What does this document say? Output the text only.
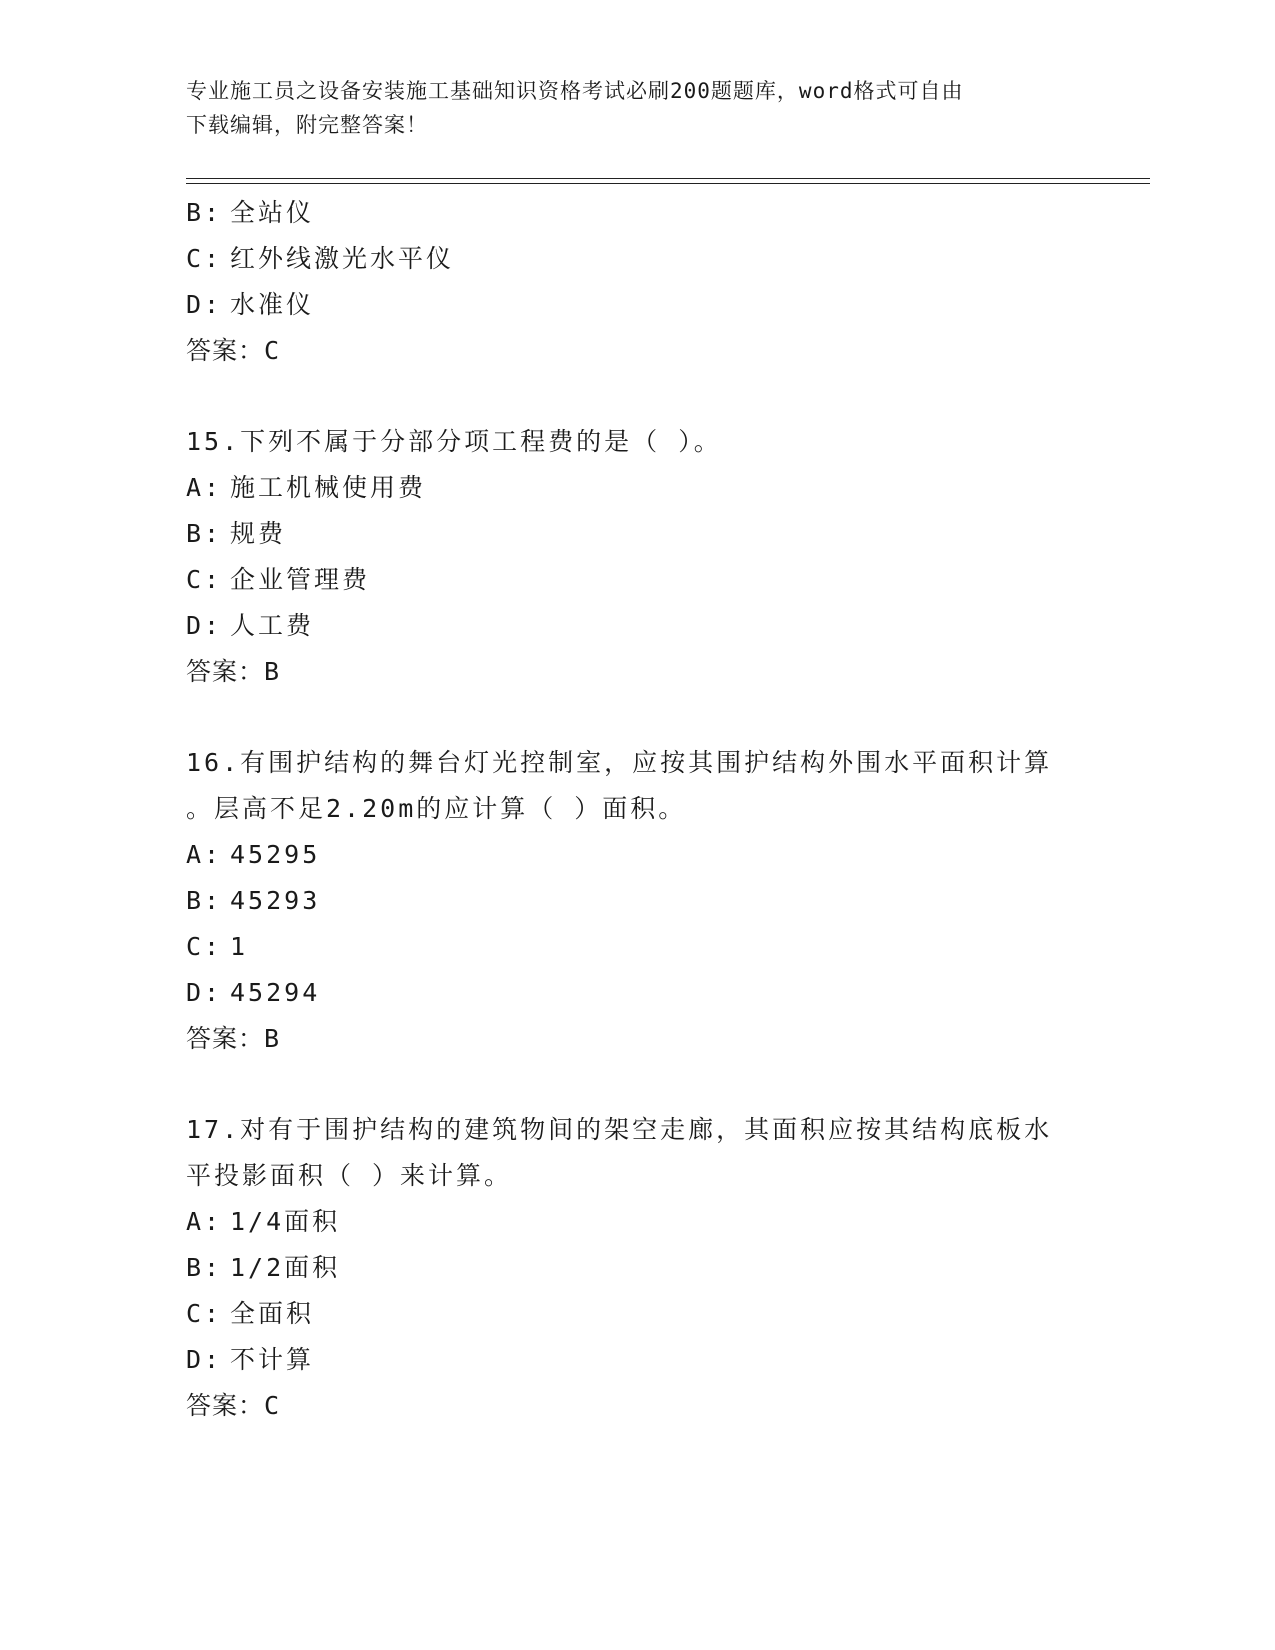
专业施工员之设备安装施工基础知识资格考试必刷200题题库，word格式可自由
下载编辑，附完整答案！
B: 全站仪
C: 红外线激光水平仪
D: 水准仪
答案：C
15.下列不属于分部分项工程费的是（ ）。
A: 施工机械使用费
B: 规费
C: 企业管理费
D: 人工费
答案：B
16.有围护结构的舞台灯光控制室，应按其围护结构外围水平面积计算
。层高不足2.20m的应计算（ ）面积。
A: 45295
B: 45293
C: 1
D: 45294
答案：B
17.对有于围护结构的建筑物间的架空走廊，其面积应按其结构底板水
平投影面积（ ）来计算。
A: 1/4面积
B: 1/2面积
C: 全面积
D: 不计算
答案：C
